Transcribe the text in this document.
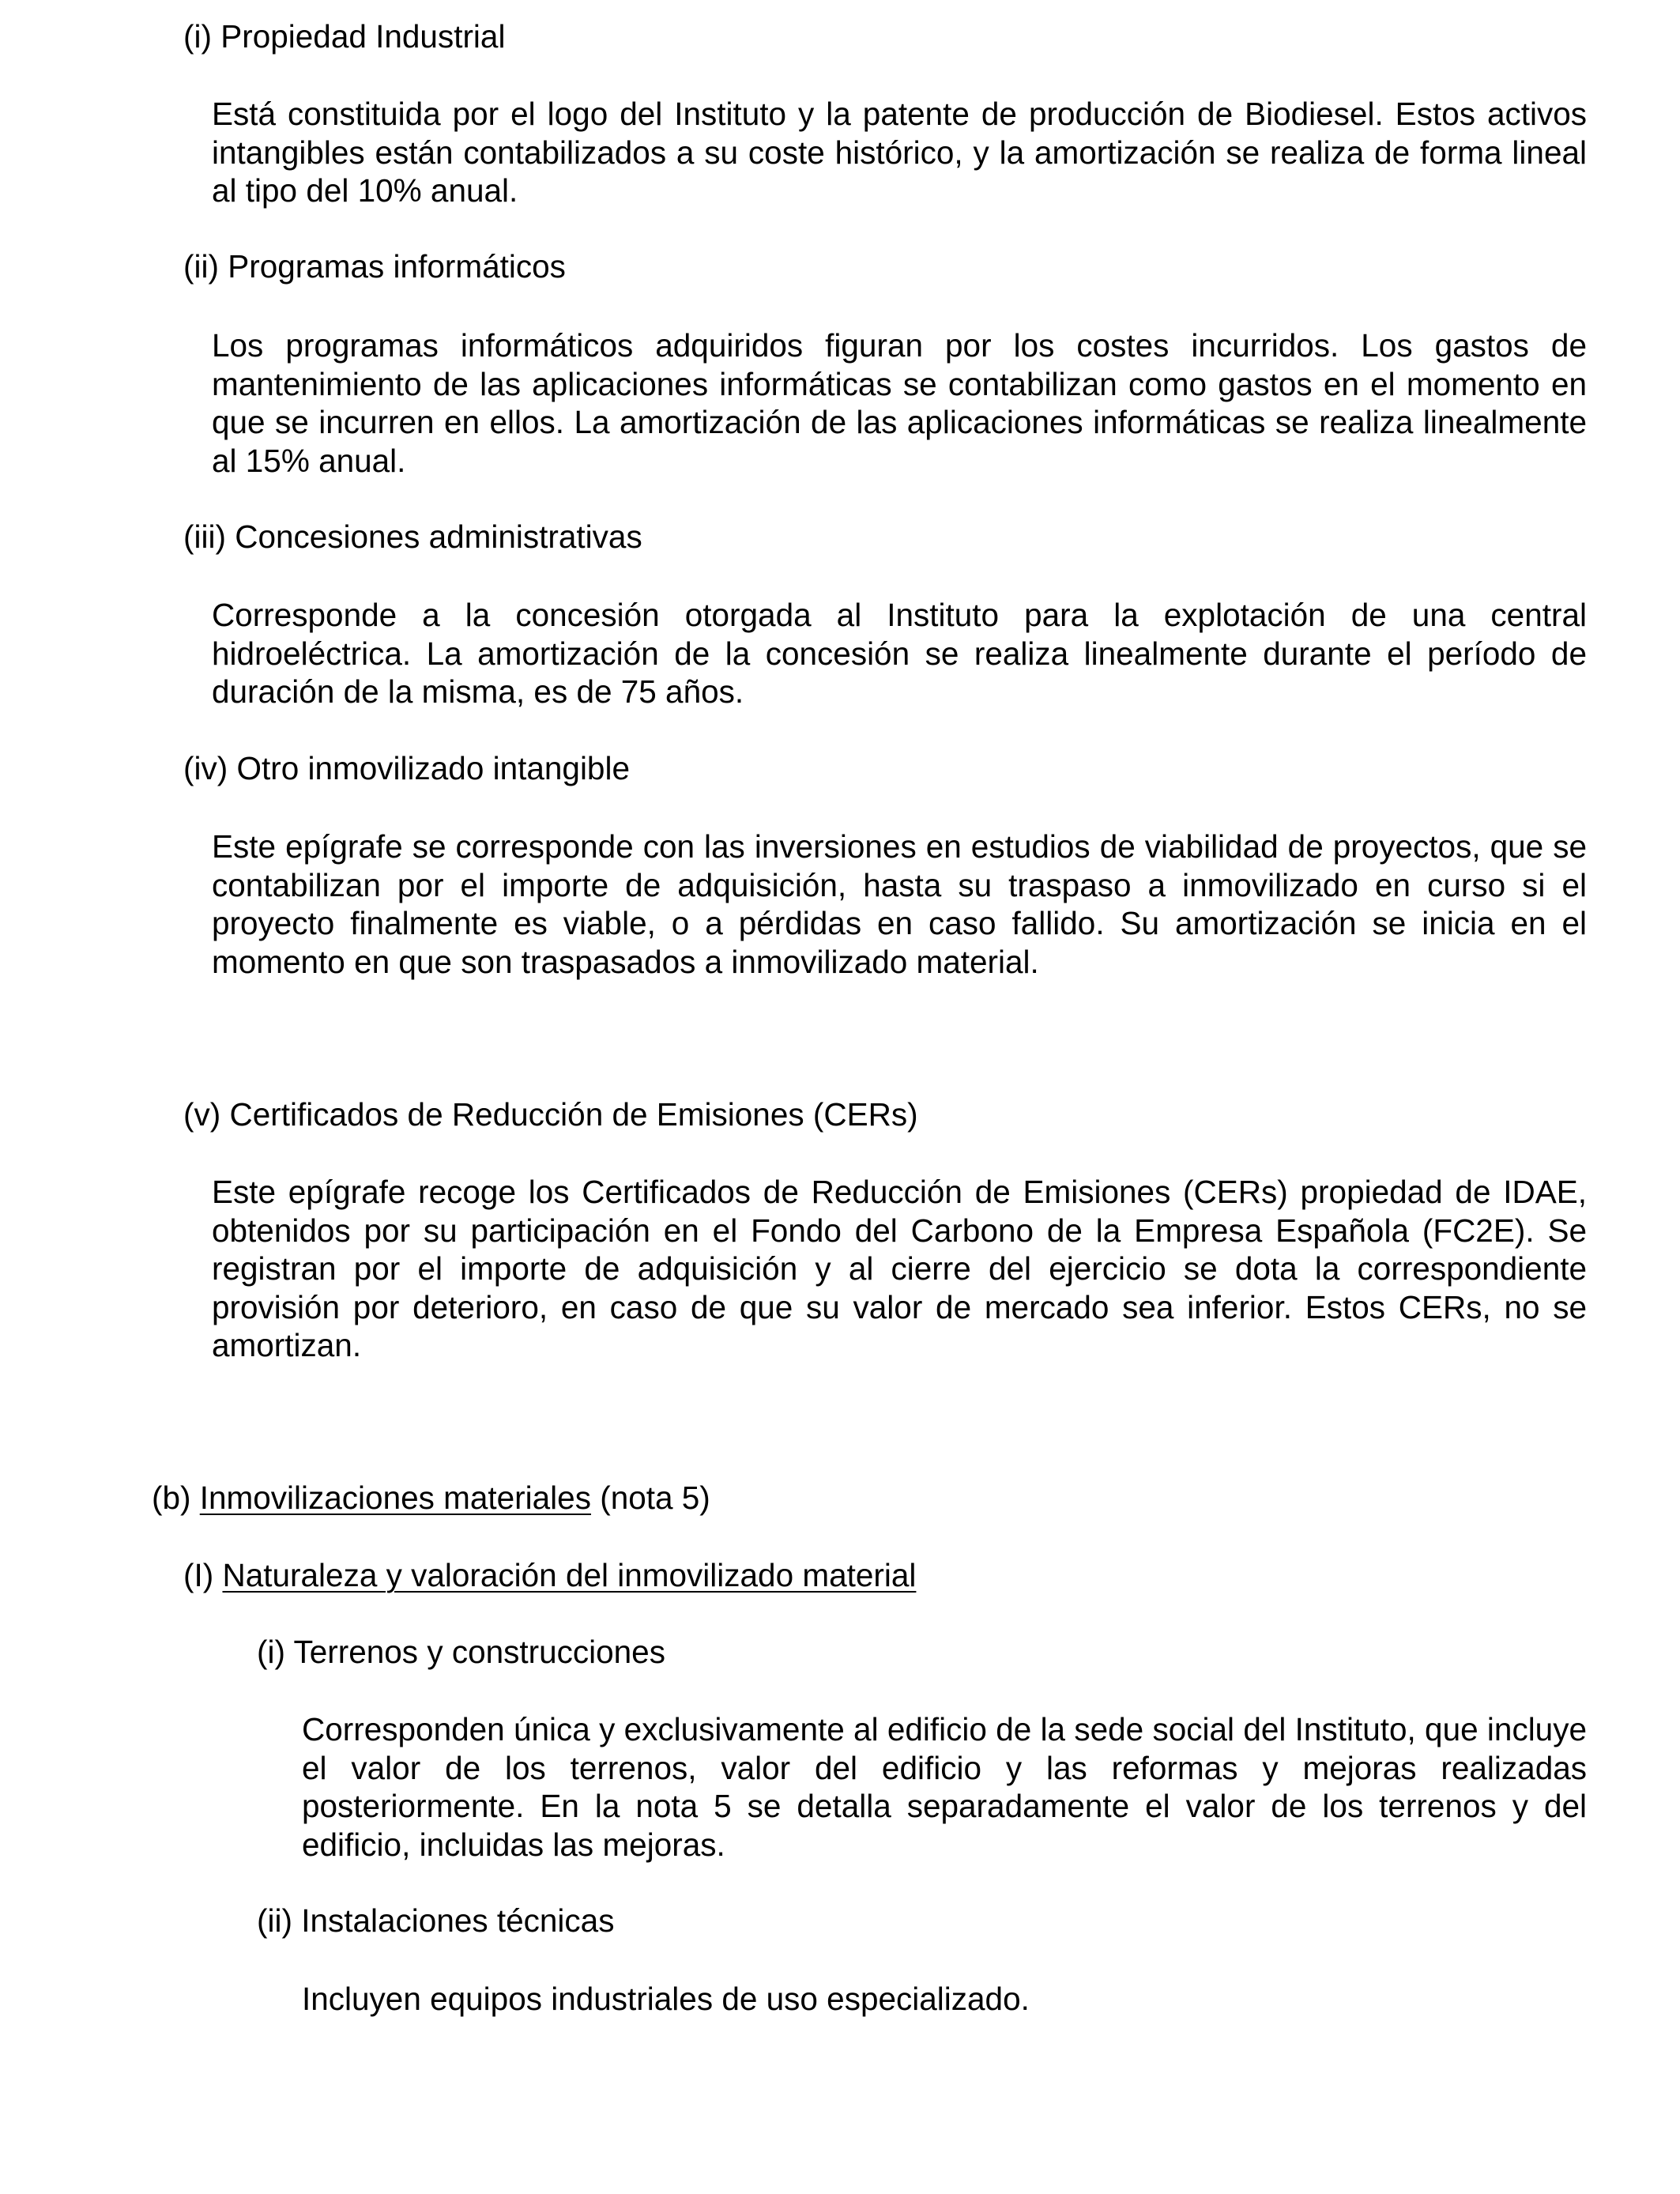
(i) Propiedad Industrial

Está constituida por el logo del Instituto y la patente de producción de Biodiesel. Estos activos intangibles están contabilizados a su coste histórico, y la amortización se realiza de forma lineal al tipo del 10% anual.

(ii) Programas informáticos

Los programas informáticos adquiridos figuran por los costes incurridos. Los gastos de mantenimiento de las aplicaciones informáticas se contabilizan como gastos en el momento en que se incurren en ellos. La amortización de las aplicaciones informáticas se realiza linealmente al 15% anual.

(iii) Concesiones administrativas

Corresponde a la concesión otorgada al Instituto para la explotación de una central hidroeléctrica. La amortización de la concesión se realiza linealmente durante el período de duración de la misma, es de 75 años.

(iv) Otro inmovilizado intangible

Este epígrafe se corresponde con las inversiones en estudios de viabilidad de proyectos, que se contabilizan por el importe de adquisición, hasta su traspaso a inmovilizado en curso si el proyecto finalmente es viable, o a pérdidas en caso fallido. Su amortización se inicia en el momento en que son traspasados a inmovilizado material.

(v) Certificados de Reducción de Emisiones (CERs)

Este epígrafe recoge los Certificados de Reducción de Emisiones (CERs) propiedad de IDAE, obtenidos por su participación en el Fondo del Carbono de la Empresa Española (FC2E). Se registran por el importe de adquisición y al cierre del ejercicio se dota la correspondiente provisión por deterioro, en caso de que su valor de mercado sea inferior. Estos CERs, no se amortizan.

(b) Inmovilizaciones materiales (nota 5)
(I) Naturaleza y valoración del inmovilizado material
(i) Terrenos y construcciones

Corresponden única y exclusivamente al edificio de la sede social del Instituto, que incluye el valor de los terrenos, valor del edificio y las reformas y mejoras realizadas posteriormente. En la nota 5 se detalla separadamente el valor de los terrenos y del edificio, incluidas las mejoras.

(ii) Instalaciones técnicas

Incluyen equipos industriales de uso especializado.
